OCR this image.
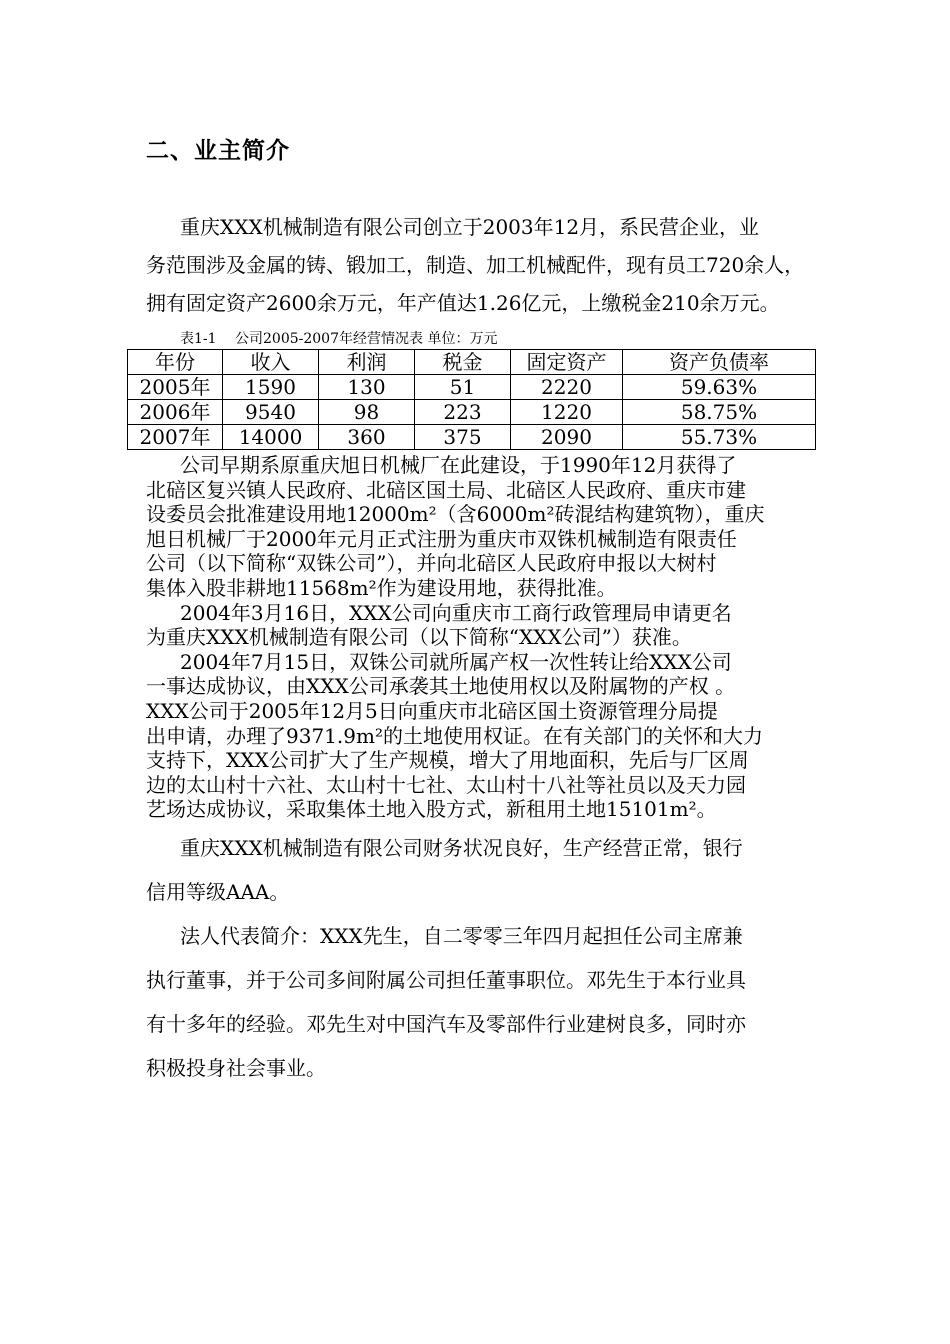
二、业主简介
重庆XXX机械制造有限公司创立于2003年12月，系民营企业，业
务范围涉及金属的铸、锻加工，制造、加工机械配件，现有员工720余人，
拥有固定资产2600余万元，年产值达1.26亿元，上缴税金210余万元。
表1-1 公司2005-2007年经营情况表 单位：万元
年份	收入	利润	税金	固定资产	资产负债率
2005年	1590	130	51	2220	59.63%
2006年	9540	98	223	1220	58.75%
2007年	14000	360	375	2090	55.73%
公司早期系原重庆旭日机械厂在此建设，于1990年12月获得了
北碚区复兴镇人民政府、北碚区国土局、北碚区人民政府、重庆市建
设委员会批准建设用地12000m²（含6000m²砖混结构建筑物），重庆
旭日机械厂于2000年元月正式注册为重庆市双铢机械制造有限责任
公司（以下简称“双铢公司”），并向北碚区人民政府申报以大树村
集体入股非耕地11568m²作为建设用地，获得批准。
2004年3月16日，XXX公司向重庆市工商行政管理局申请更名
为重庆XXX机械制造有限公司（以下简称“XXX公司”）获准。
2004年7月15日，双铢公司就所属产权一次性转让给XXX公司
一事达成协议，由XXX公司承袭其土地使用权以及附属物的产权 。
XXX公司于2005年12月5日向重庆市北碚区国土资源管理分局提
出申请，办理了9371.9m²的土地使用权证。在有关部门的关怀和大力
支持下，XXX公司扩大了生产规模，增大了用地面积，先后与厂区周
边的太山村十六社、太山村十七社、太山村十八社等社员以及天力园
艺场达成协议，采取集体土地入股方式，新租用土地15101m²。
重庆XXX机械制造有限公司财务状况良好，生产经营正常，银行
信用等级AAA。
法人代表简介：XXX先生，自二零零三年四月起担任公司主席兼
执行董事，并于公司多间附属公司担任董事职位。邓先生于本行业具
有十多年的经验。邓先生对中国汽车及零部件行业建树良多，同时亦
积极投身社会事业。
